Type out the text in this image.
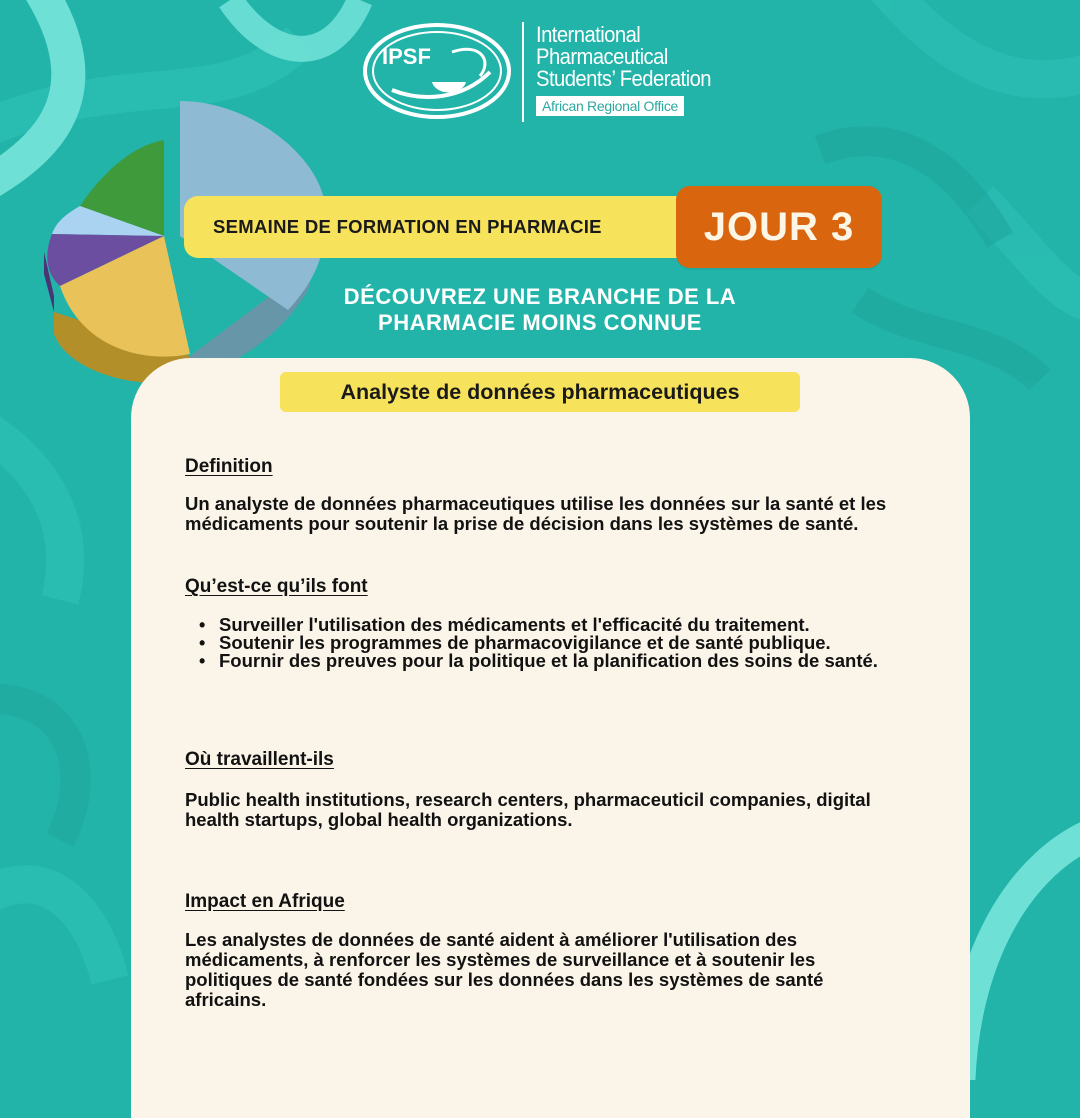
IPSF
International
Pharmaceutical
Students’ Federation
African Regional Office
SEMAINE DE FORMATION EN PHARMACIE	JOUR 3
DÉCOUVREZ UNE BRANCHE DE LA
PHARMACIE MOINS CONNUE
Analyste de données pharmaceutiques
Definition
Un analyste de données pharmaceutiques utilise les données sur la santé et les médicaments pour soutenir la prise de décision dans les systèmes de santé.
Qu’est-ce qu’ils font
• Surveiller l'utilisation des médicaments et l'efficacité du traitement.
• Soutenir les programmes de pharmacovigilance et de santé publique.
• Fournir des preuves pour la politique et la planification des soins de santé.
Où travaillent-ils
Public health institutions, research centers, pharmaceuticil companies, digital health startups, global health organizations.
Impact en Afrique
Les analystes de données de santé aident à améliorer l'utilisation des médicaments, à renforcer les systèmes de surveillance et à soutenir les politiques de santé fondées sur les données dans les systèmes de santé africains.
